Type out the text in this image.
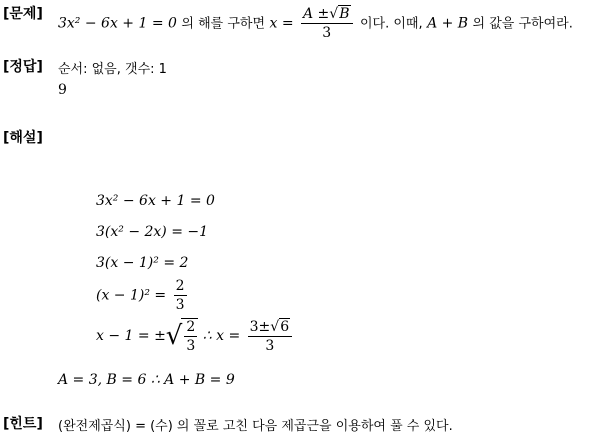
[문제]
3x² − 6x + 1 = 0 의 해를 구하면 $x = \frac{A \pm√B}{3}$ 이다. 이때, A + B 의 값을 구하여라.
[정답] 순서: 없음, 갯수: 1
9
[해설]
3x² − 6x + 1 = 0
3(x² − 2x) = −1
3(x − 1)² = 2
$(x - 1)^2 = \frac{2}{3}$
x − 1 = ± √ $\frac{2}{3}$ ∴ $x = \frac{3\pm√6}{3}$
A = 3, B = 6 ∴ A + B = 9
[힌트] (완전제곱식) = (수) 의 꼴로 고친 다음 제곱근을 이용하여 풀 수 있다.
